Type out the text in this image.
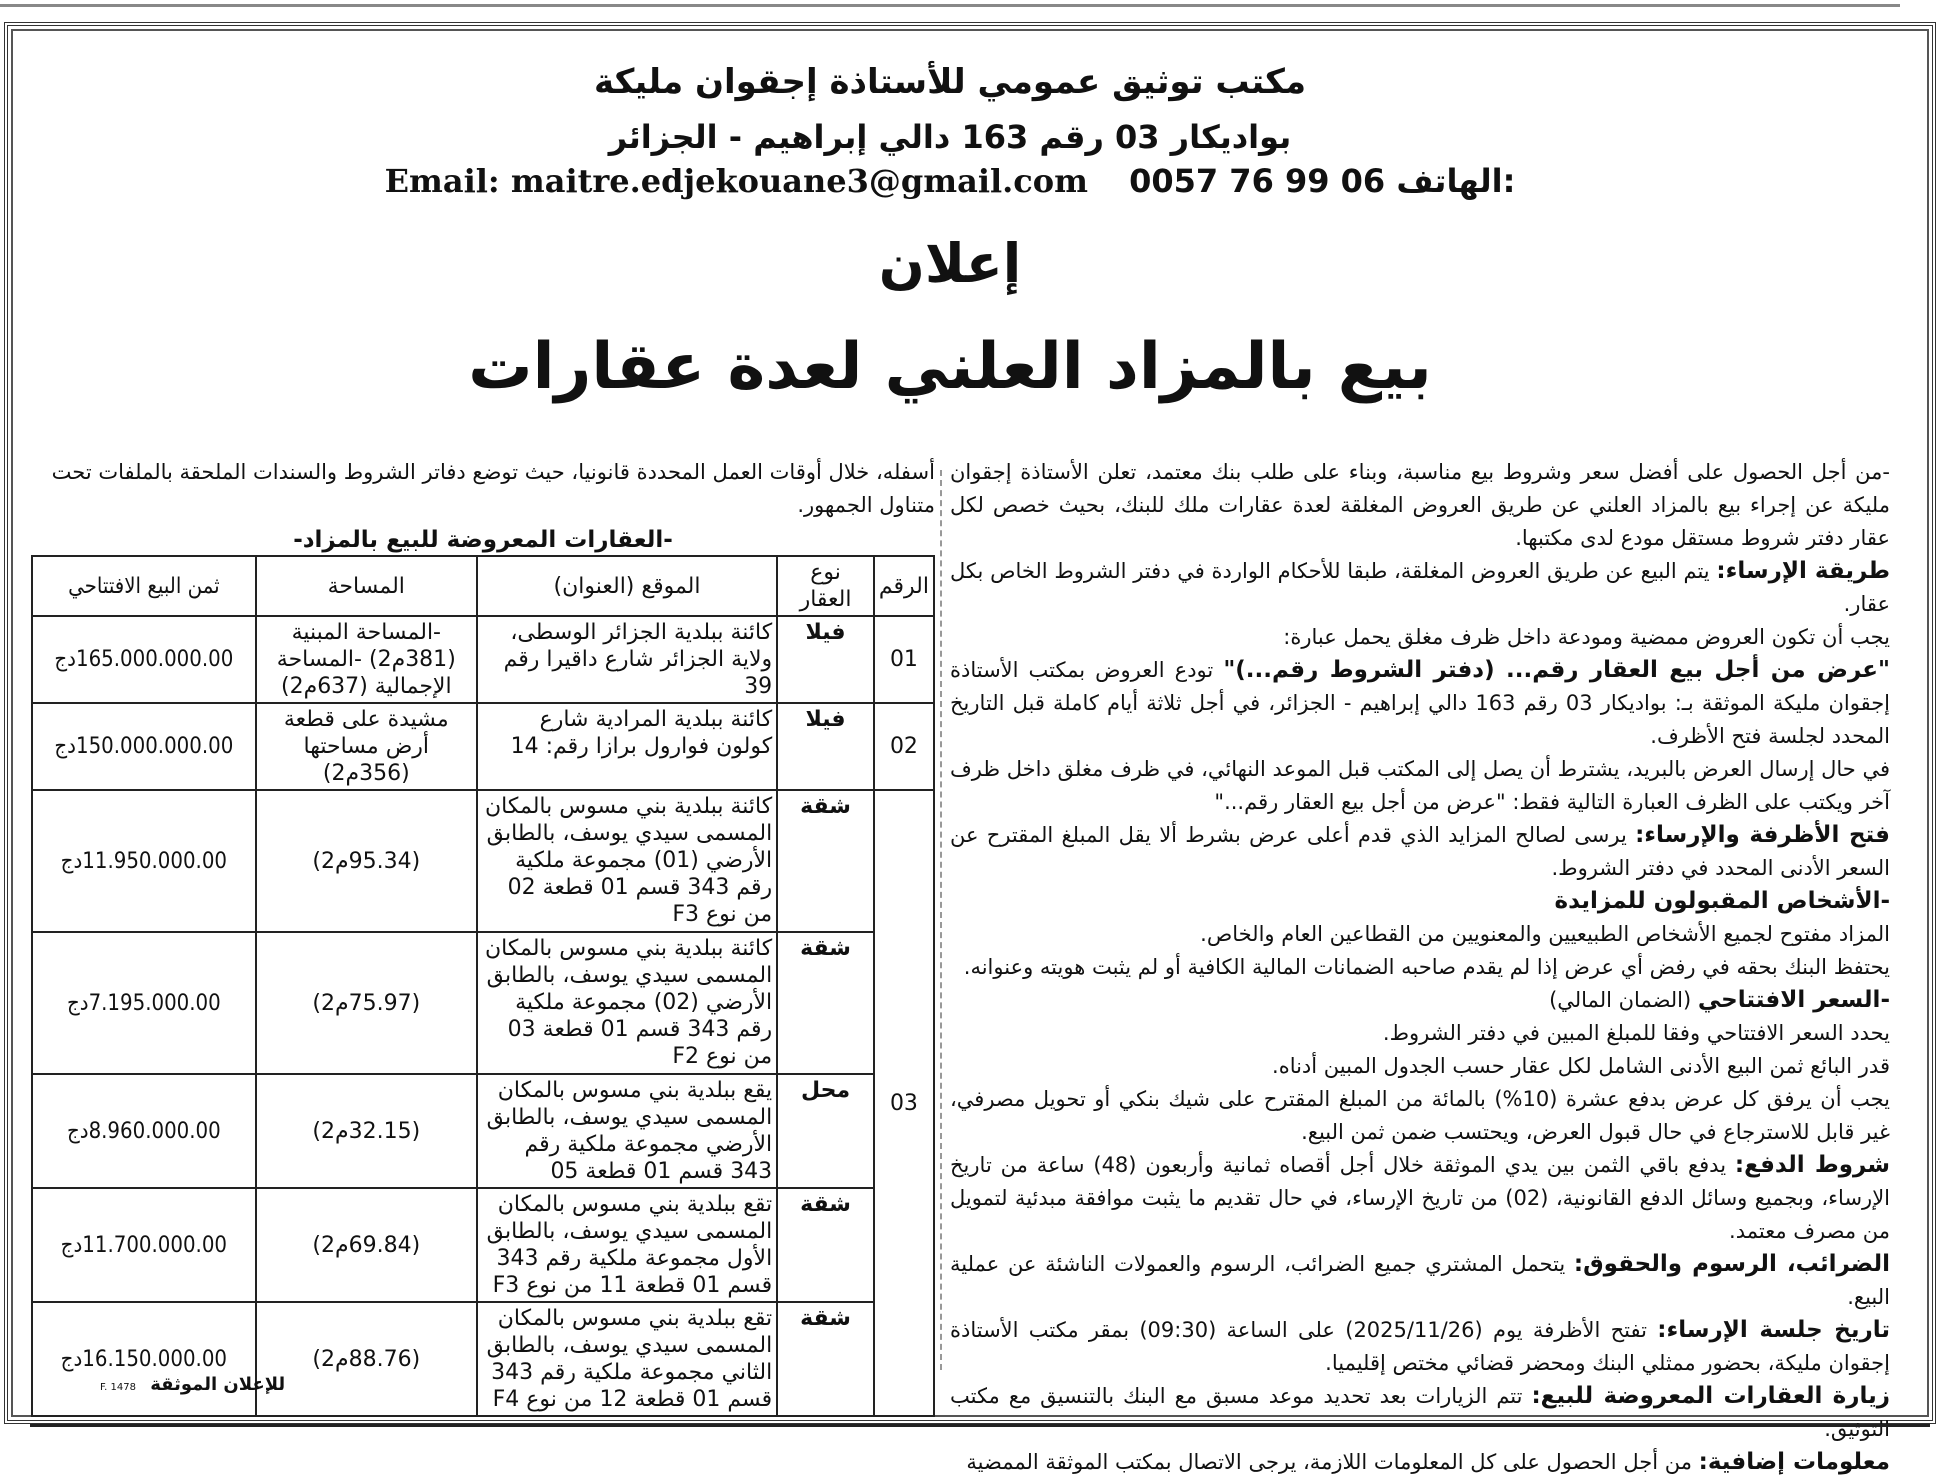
مكتب توثيق عمومي للأستاذة إجقوان مليكة
بواديكار 03 رقم 163 دالي إبراهيم - الجزائر
Email: maitre.edjekouane3@gmail.com 0057 76 99 06 الهاتف:
إعلان
بيع بالمزاد العلني لعدة عقارات

-من أجل الحصول على أفضل سعر وشروط بيع مناسبة، وبناء على طلب بنك معتمد، تعلن الأستاذة إجقوان مليكة عن إجراء بيع بالمزاد العلني عن طريق العروض المغلقة لعدة عقارات ملك للبنك، بحيث خصص لكل عقار دفتر شروط مستقل مودع لدى مكتبها.

طريقة الإرساء: يتم البيع عن طريق العروض المغلقة، طبقا للأحكام الواردة في دفتر الشروط الخاص بكل عقار.

يجب أن تكون العروض ممضية ومودعة داخل ظرف مغلق يحمل عبارة:

"عرض من أجل بيع العقار رقم... (دفتر الشروط رقم...)" تودع العروض بمكتب الأستاذة إجقوان مليكة الموثقة بـ: بواديكار 03 رقم 163 دالي إبراهيم - الجزائر، في أجل ثلاثة أيام كاملة قبل التاريخ المحدد لجلسة فتح الأظرف.

في حال إرسال العرض بالبريد، يشترط أن يصل إلى المكتب قبل الموعد النهائي، في ظرف مغلق داخل ظرف آخر ويكتب على الظرف العبارة التالية فقط: "عرض من أجل بيع العقار رقم..."

فتح الأظرفة والإرساء: يرسى لصالح المزايد الذي قدم أعلى عرض بشرط ألا يقل المبلغ المقترح عن السعر الأدنى المحدد في دفتر الشروط.

-الأشخاص المقبولون للمزايدة

المزاد مفتوح لجميع الأشخاص الطبيعيين والمعنويين من القطاعين العام والخاص.

يحتفظ البنك بحقه في رفض أي عرض إذا لم يقدم صاحبه الضمانات المالية الكافية أو لم يثبت هويته وعنوانه.

-السعر الافتتاحي (الضمان المالي)

يحدد السعر الافتتاحي وفقا للمبلغ المبين في دفتر الشروط.

قدر البائع ثمن البيع الأدنى الشامل لكل عقار حسب الجدول المبين أدناه.

يجب أن يرفق كل عرض بدفع عشرة (10%) بالمائة من المبلغ المقترح على شيك بنكي أو تحويل مصرفي، غير قابل للاسترجاع في حال قبول العرض، ويحتسب ضمن ثمن البيع.

شروط الدفع: يدفع باقي الثمن بين يدي الموثقة خلال أجل أقصاه ثمانية وأربعون (48) ساعة من تاريخ الإرساء، وبجميع وسائل الدفع القانونية، (02) من تاريخ الإرساء، في حال تقديم ما يثبت موافقة مبدئية لتمويل من مصرف معتمد.

الضرائب، الرسوم والحقوق: يتحمل المشتري جميع الضرائب، الرسوم والعمولات الناشئة عن عملية البيع.

تاريخ جلسة الإرساء: تفتح الأظرفة يوم (2025/11/26) على الساعة (09:30) بمقر مكتب الأستاذة إجقوان مليكة، بحضور ممثلي البنك ومحضر قضائي مختص إقليميا.

زيارة العقارات المعروضة للبيع: تتم الزيارات بعد تحديد موعد مسبق مع البنك بالتنسيق مع مكتب التوثيق.

معلومات إضافية: من أجل الحصول على كل المعلومات اللازمة، يرجى الاتصال بمكتب الموثقة الممضية

أسفله، خلال أوقات العمل المحددة قانونيا، حيث توضع دفاتر الشروط والسندات الملحقة بالملفات تحت متناول الجمهور.

-العقارات المعروضة للبيع بالمزاد-

الرقم	نوع العقار	الموقع (العنوان)	المساحة	ثمن البيع الافتتاحي
01	فيلا	كائنة ببلدية الجزائر الوسطى، ولاية الجزائر شارع داقيرا رقم 39	-المساحة المبنية (381م2) -المساحة الإجمالية (637م2)	165.000.000.00دج
02	فيلا	كائنة ببلدية المرادية شارع كولون فوارول برازا رقم: 14	مشيدة على قطعة أرض مساحتها (356م2)	150.000.000.00دج
03	شقة	كائنة ببلدية بني مسوس بالمكان المسمى سيدي يوسف، بالطابق الأرضي (01) مجموعة ملكية رقم 343 قسم 01 قطعة 02 من نوع F3	(95.34م2)	11.950.000.00دج
	شقة	كائنة ببلدية بني مسوس بالمكان المسمى سيدي يوسف، بالطابق الأرضي (02) مجموعة ملكية رقم 343 قسم 01 قطعة 03 من نوع F2	(75.97م2)	7.195.000.00دج
	محل	يقع ببلدية بني مسوس بالمكان المسمى سيدي يوسف، بالطابق الأرضي مجموعة ملكية رقم 343 قسم 01 قطعة 05	(32.15م2)	8.960.000.00دج
	شقة	تقع ببلدية بني مسوس بالمكان المسمى سيدي يوسف، بالطابق الأول مجموعة ملكية رقم 343 قسم 01 قطعة 11 من نوع F3	(69.84م2)	11.700.000.00دج
	شقة	تقع ببلدية بني مسوس بالمكان المسمى سيدي يوسف، بالطابق الثاني مجموعة ملكية رقم 343 قسم 01 قطعة 12 من نوع F4	(88.76م2)	16.150.000.00دج
للإعلان الموثقة F. 1478
